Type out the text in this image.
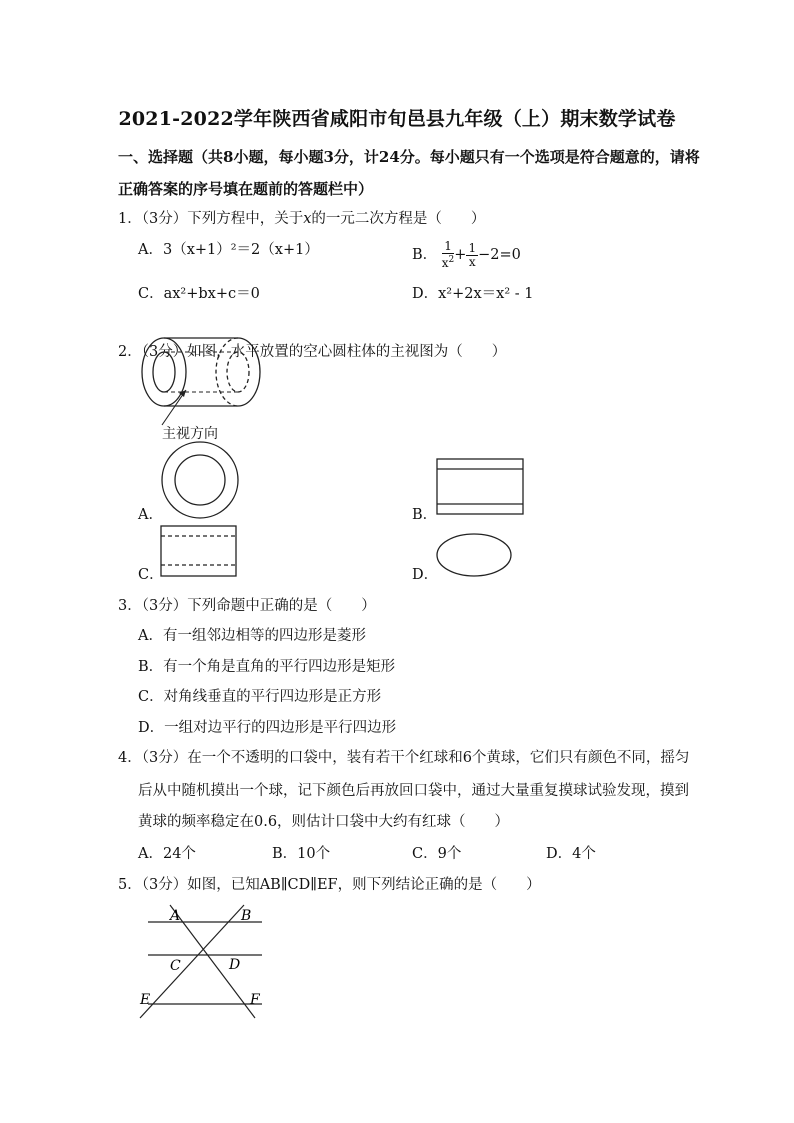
2021-2022学年陕西省咸阳市旬邑县九年级（上）期末数学试卷
一、选择题（共8小题，每小题3分，计24分。每小题只有一个选项是符合题意的，请将
正确答案的序号填在题前的答题栏中）
1．（3分）下列方程中，关于x的一元二次方程是（　　）
A．3（x+1）²＝2（x+1）	B． $\frac{1}{x^2} + \frac{1}{x} -2=0$
C．ax²+bx+c＝0	D．x²+2x＝x² - 1
2．（3分）如图，水平放置的空心圆柱体的主视图为（　　）
主视方向
A．	B．
C．	D．
3．（3分）下列命题中正确的是（　　）
A．有一组邻边相等的四边形是菱形
B．有一个角是直角的平行四边形是矩形
C．对角线垂直的平行四边形是正方形
D．一组对边平行的四边形是平行四边形
4．（3分）在一个不透明的口袋中，装有若干个红球和6个黄球，它们只有颜色不同，摇匀
后从中随机摸出一个球，记下颜色后再放回口袋中，通过大量重复摸球试验发现，摸到
黄球的频率稳定在0.6，则估计口袋中大约有红球（　　）
A．24个	B．10个	C．9个	D．4个
5．（3分）如图，已知AB∥CD∥EF，则下列结论正确的是（　　）
A	B
C	D
E	F
